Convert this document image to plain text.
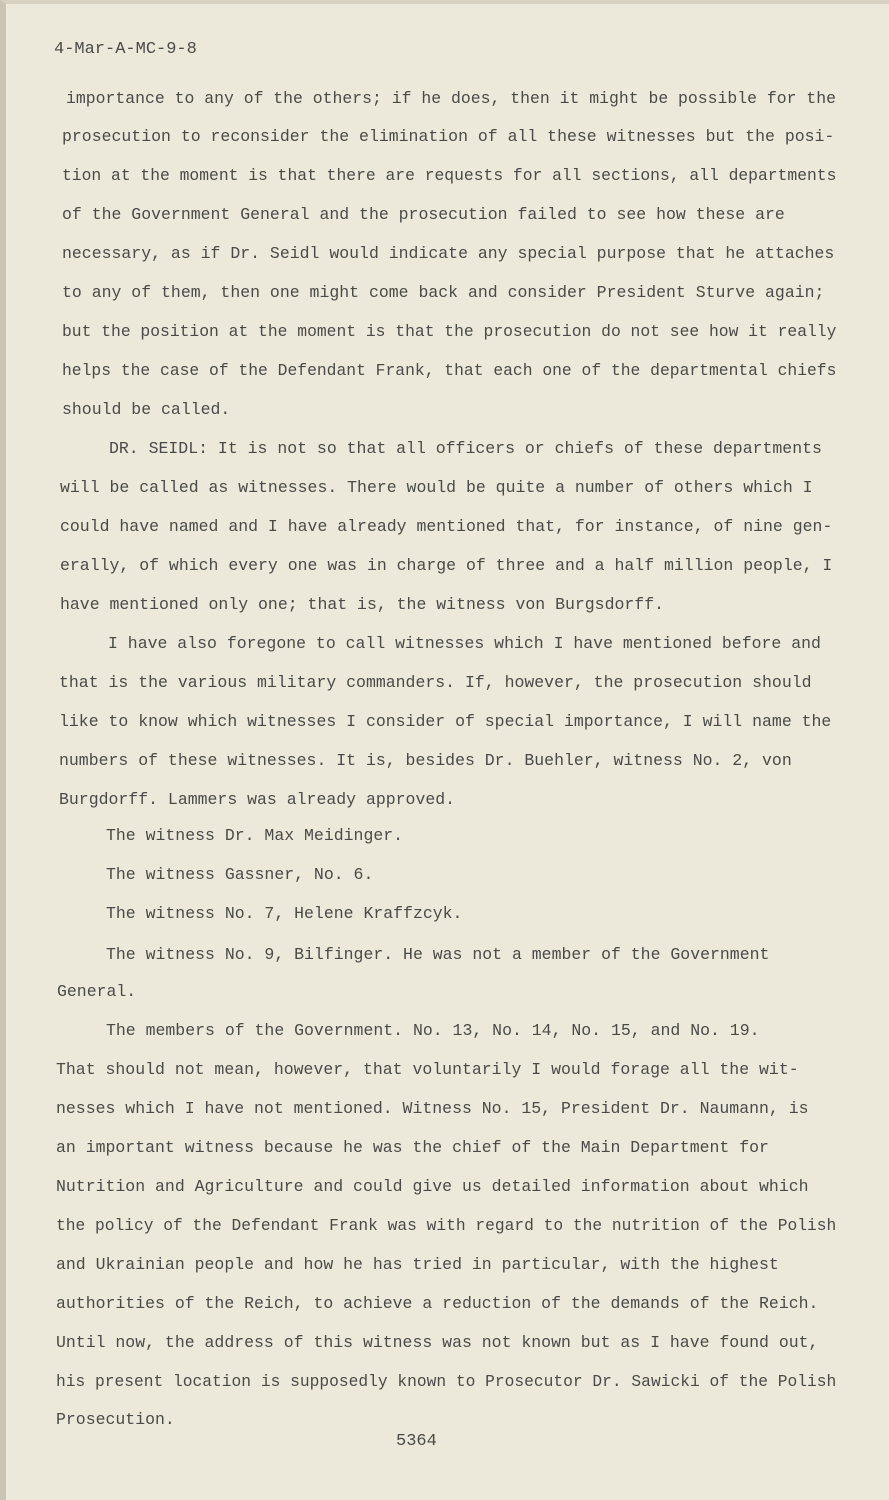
4-Mar-A-MC-9-8
importance to any of the others; if he does, then it might be possible for the
prosecution to reconsider the elimination of all these witnesses but the posi-
tion at the moment is that there are requests for all sections, all departments
of the Government General and the prosecution failed to see how these are
necessary, as if Dr. Seidl would indicate any special purpose that he attaches
to any of them, then one might come back and consider President Sturve again;
but the position at the moment is that the prosecution do not see how it really
helps the case of the Defendant Frank, that each one of the departmental chiefs
should be called.
DR. SEIDL: It is not so that all officers or chiefs of these departments
will be called as witnesses. There would be quite a number of others which I
could have named and I have already mentioned that, for instance, of nine gen-
erally, of which every one was in charge of three and a half million people, I
have mentioned only one; that is, the witness von Burgsdorff.
I have also foregone to call witnesses which I have mentioned before and
that is the various military commanders. If, however, the prosecution should
like to know which witnesses I consider of special importance, I will name the
numbers of these witnesses. It is, besides Dr. Buehler, witness No. 2, von
Burgdorff. Lammers was already approved.
The witness Dr. Max Meidinger.
The witness Gassner, No. 6.
The witness No. 7, Helene Kraffzcyk.
The witness No. 9, Bilfinger. He was not a member of the Government
General.
The members of the Government. No. 13, No. 14, No. 15, and No. 19.
That should not mean, however, that voluntarily I would forage all the wit-
nesses which I have not mentioned. Witness No. 15, President Dr. Naumann, is
an important witness because he was the chief of the Main Department for
Nutrition and Agriculture and could give us detailed information about which
the policy of the Defendant Frank was with regard to the nutrition of the Polish
and Ukrainian people and how he has tried in particular, with the highest
authorities of the Reich, to achieve a reduction of the demands of the Reich.
Until now, the address of this witness was not known but as I have found out,
his present location is supposedly known to Prosecutor Dr. Sawicki of the Polish
Prosecution.
5364
